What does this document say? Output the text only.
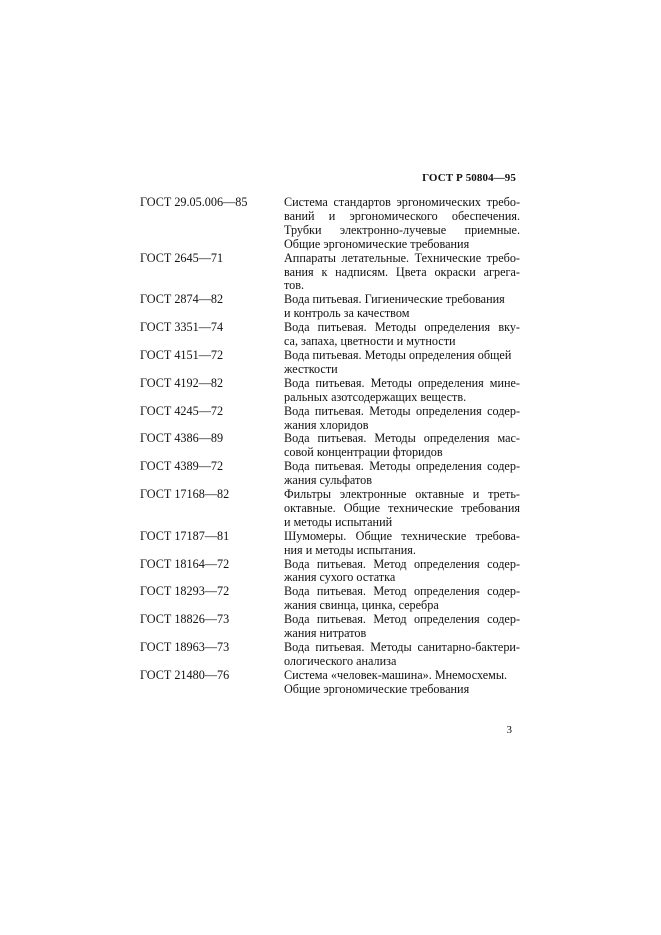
ГОСТ Р 50804—95
ГОСТ 29.05.006—85	Система стандартов эргономических требо-
ваний и эргономического обеспечения.
Трубки электронно-лучевые приемные.
Общие эргономические требования
ГОСТ 2645—71	Аппараты летательные. Технические требо-
вания к надписям. Цвета окраски агрега-
тов.
ГОСТ 2874—82	Вода питьевая. Гигиенические требования
и контроль за качеством
ГОСТ 3351—74	Вода питьевая. Методы определения вку-
са, запаха, цветности и мутности
ГОСТ 4151—72	Вода питьевая. Методы определения общей
жесткости
ГОСТ 4192—82	Вода питьевая. Методы определения мине-
ральных азотсодержащих веществ.
ГОСТ 4245—72	Вода питьевая. Методы определения содер-
жания хлоридов
ГОСТ 4386—89	Вода питьевая. Методы определения мас-
совой концентрации фторидов
ГОСТ 4389—72	Вода питьевая. Методы определения содер-
жания сульфатов
ГОСТ 17168—82	Фильтры электронные октавные и треть-
октавные. Общие технические требования
и методы испытаний
ГОСТ 17187—81	Шумомеры. Общие технические требова-
ния и методы испытания.
ГОСТ 18164—72	Вода питьевая. Метод определения содер-
жания сухого остатка
ГОСТ 18293—72	Вода питьевая. Метод определения содер-
жания свинца, цинка, серебра
ГОСТ 18826—73	Вода питьевая. Метод определения содер-
жания нитратов
ГОСТ 18963—73	Вода питьевая. Методы санитарно-бактери-
ологического анализа
ГОСТ 21480—76	Система «человек-машина». Мнемосхемы.
Общие эргономические требования
3
